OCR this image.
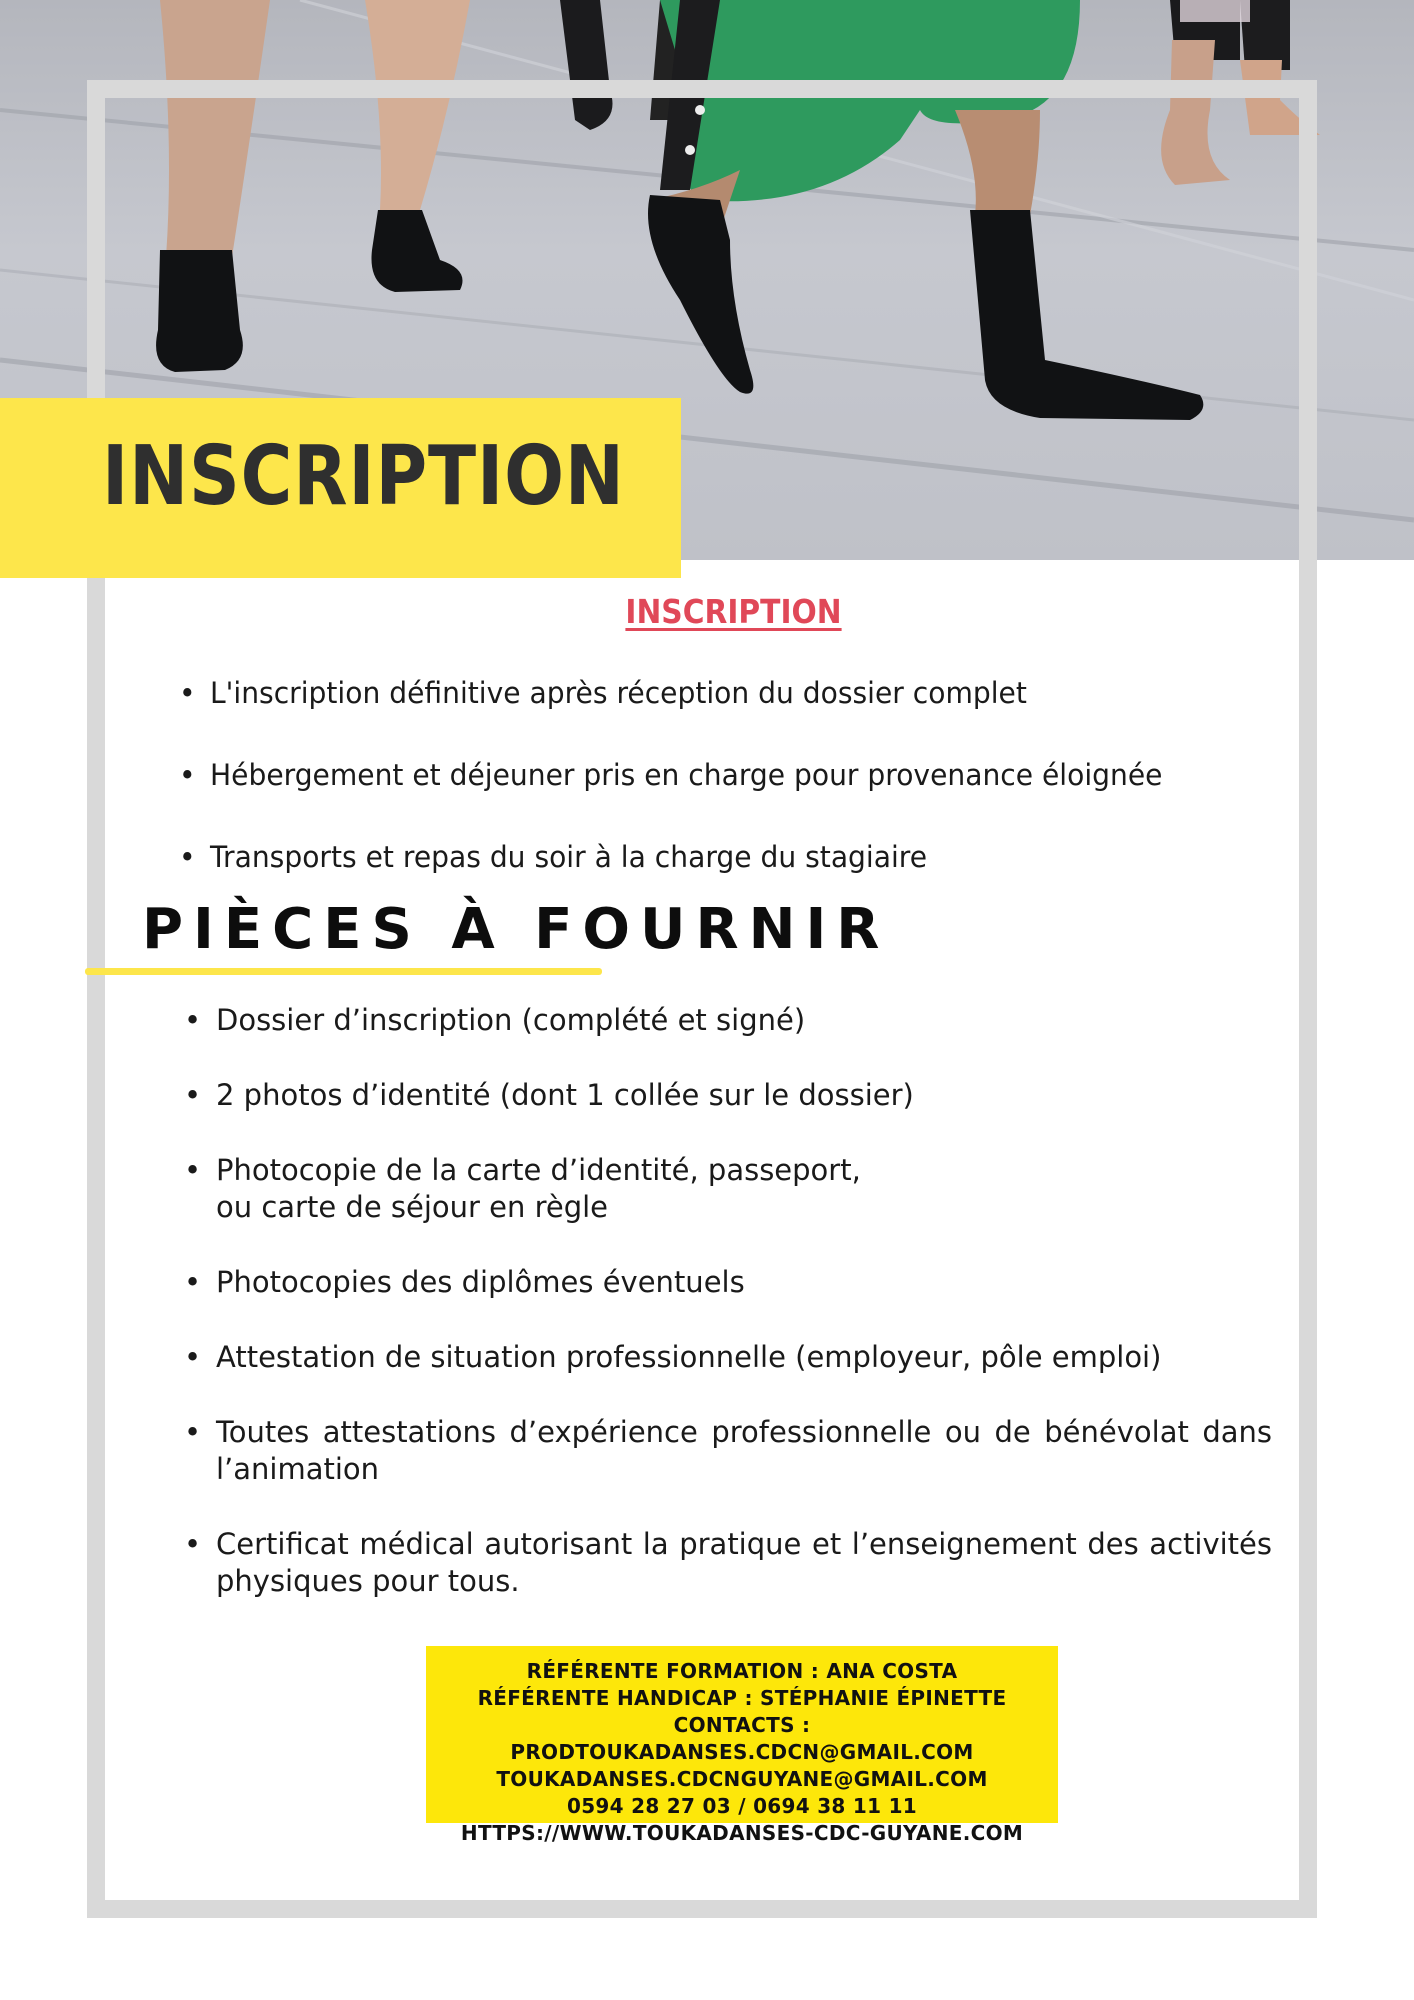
INSCRIPTION
INSCRIPTION
• L'inscription définitive après réception du dossier complet
• Hébergement et déjeuner pris en charge pour provenance éloignée
• Transports et repas du soir à la charge du stagiaire
PIÈCES À FOURNIR
• Dossier d’inscription (complété et signé)
• 2 photos d’identité (dont 1 collée sur le dossier)
• Photocopie de la carte d’identité, passeport,
ou carte de séjour en règle
• Photocopies des diplômes éventuels
• Attestation de situation professionnelle (employeur, pôle emploi)
• Toutes attestations d’expérience professionnelle ou de bénévolat dans l’animation
• Certificat médical autorisant la pratique et l’enseignement des activités physiques pour tous.
RÉFÉRENTE FORMATION : ANA COSTA
RÉFÉRENTE HANDICAP : STÉPHANIE ÉPINETTE
CONTACTS :
PRODTOUKADANSES.CDCN@GMAIL.COM
TOUKADANSES.CDCNGUYANE@GMAIL.COM
0594 28 27 03 / 0694 38 11 11
HTTPS://WWW.TOUKADANSES-CDC-GUYANE.COM
